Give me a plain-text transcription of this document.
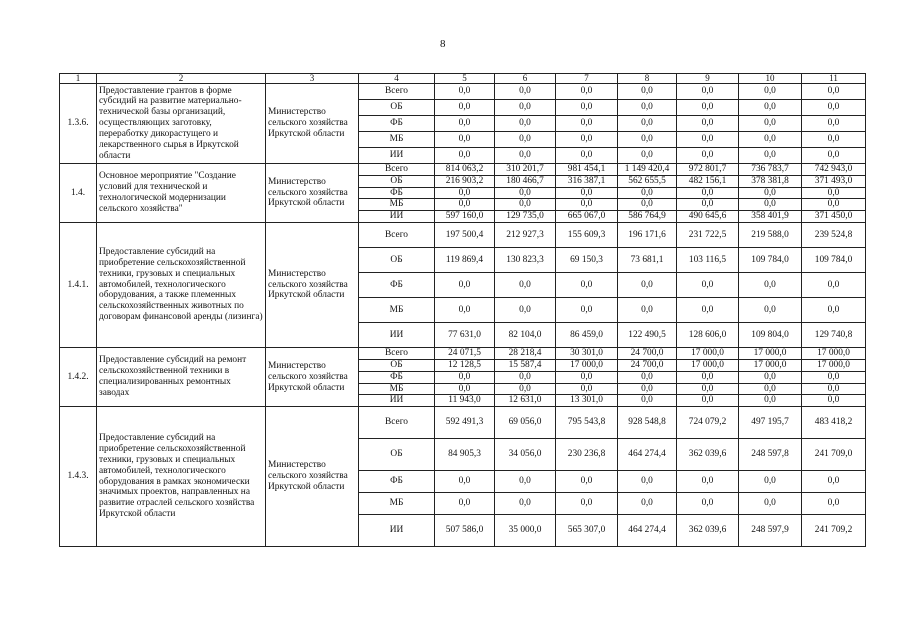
8
1	2	3	4	5	6	7	8	9	10	11
1.3.6.	Предоставление грантов в форме субсидий на развитие материально-технической базы организаций, осуществляющих заготовку, переработку дикорастущего и лекарственного сырья в Иркутской области	Министерство сельского хозяйства Иркутской области	Всего	0,0	0,0	0,0	0,0	0,0	0,0	0,0
			ОБ	0,0	0,0	0,0	0,0	0,0	0,0	0,0
			ФБ	0,0	0,0	0,0	0,0	0,0	0,0	0,0
			МБ	0,0	0,0	0,0	0,0	0,0	0,0	0,0
			ИИ	0,0	0,0	0,0	0,0	0,0	0,0	0,0
1.4.	Основное мероприятие "Создание условий для технической и технологической модернизации сельского хозяйства"	Министерство сельского хозяйства Иркутской области	Всего	814 063,2	310 201,7	981 454,1	1 149 420,4	972 801,7	736 783,7	742 943,0
			ОБ	216 903,2	180 466,7	316 387,1	562 655,5	482 156,1	378 381,8	371 493,0
			ФБ	0,0	0,0	0,0	0,0	0,0	0,0	0,0
			МБ	0,0	0,0	0,0	0,0	0,0	0,0	0,0
			ИИ	597 160,0	129 735,0	665 067,0	586 764,9	490 645,6	358 401,9	371 450,0
1.4.1.	Предоставление субсидий на приобретение сельскохозяйственной техники, грузовых и специальных автомобилей, технологического оборудования, а также племенных сельскохозяйственных животных по договорам финансовой аренды (лизинга)	Министерство сельского хозяйства Иркутской области	Всего	197 500,4	212 927,3	155 609,3	196 171,6	231 722,5	219 588,0	239 524,8
			ОБ	119 869,4	130 823,3	69 150,3	73 681,1	103 116,5	109 784,0	109 784,0
			ФБ	0,0	0,0	0,0	0,0	0,0	0,0	0,0
			МБ	0,0	0,0	0,0	0,0	0,0	0,0	0,0
			ИИ	77 631,0	82 104,0	86 459,0	122 490,5	128 606,0	109 804,0	129 740,8
1.4.2.	Предоставление субсидий на ремонт сельскохозяйственной техники в специализированных ремонтных заводах	Министерство сельского хозяйства Иркутской области	Всего	24 071,5	28 218,4	30 301,0	24 700,0	17 000,0	17 000,0	17 000,0
			ОБ	12 128,5	15 587,4	17 000,0	24 700,0	17 000,0	17 000,0	17 000,0
			ФБ	0,0	0,0	0,0	0,0	0,0	0,0	0,0
			МБ	0,0	0,0	0,0	0,0	0,0	0,0	0,0
			ИИ	11 943,0	12 631,0	13 301,0	0,0	0,0	0,0	0,0
1.4.3.	Предоставление субсидий на приобретение сельскохозяйственной техники, грузовых и специальных автомобилей, технологического оборудования в рамках экономически значимых проектов, направленных на развитие отраслей сельского хозяйства Иркутской области	Министерство сельского хозяйства Иркутской области	Всего	592 491,3	69 056,0	795 543,8	928 548,8	724 079,2	497 195,7	483 418,2
			ОБ	84 905,3	34 056,0	230 236,8	464 274,4	362 039,6	248 597,8	241 709,0
			ФБ	0,0	0,0	0,0	0,0	0,0	0,0	0,0
			МБ	0,0	0,0	0,0	0,0	0,0	0,0	0,0
			ИИ	507 586,0	35 000,0	565 307,0	464 274,4	362 039,6	248 597,9	241 709,2
